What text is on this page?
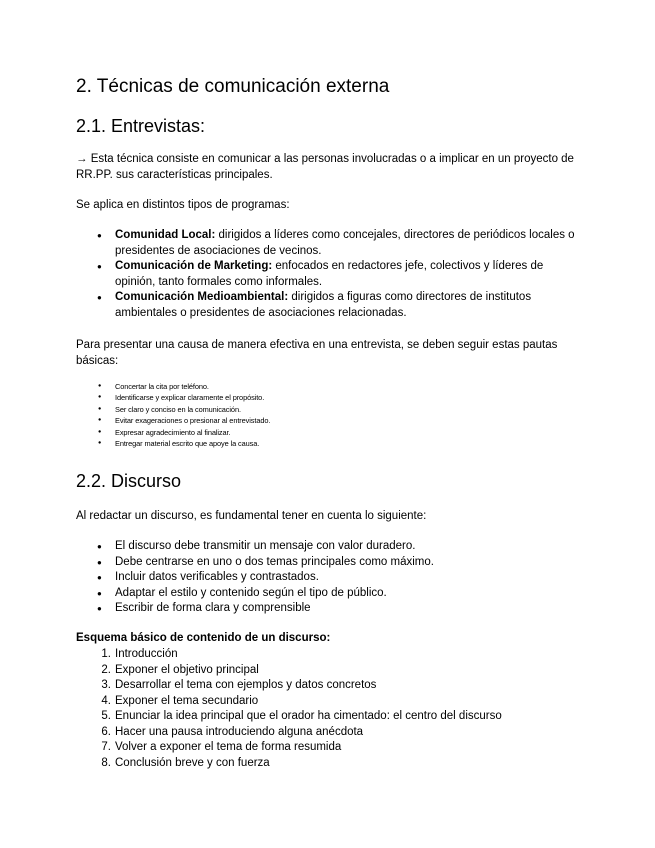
2. Técnicas de comunicación externa
2.1. Entrevistas:

→ Esta técnica consiste en comunicar a las personas involucradas o a implicar en un proyecto de RR.PP. sus características principales.

Se aplica en distintos tipos de programas:

● Comunidad Local: dirigidos a líderes como concejales, directores de periódicos locales o presidentes de asociaciones de vecinos.
● Comunicación de Marketing: enfocados en redactores jefe, colectivos y líderes de opinión, tanto formales como informales.
● Comunicación Medioambiental: dirigidos a figuras como directores de institutos ambientales o presidentes de asociaciones relacionadas.

Para presentar una causa de manera efectiva en una entrevista, se deben seguir estas pautas básicas:

● Concertar la cita por teléfono.
● Identificarse y explicar claramente el propósito.
● Ser claro y conciso en la comunicación.
● Evitar exageraciones o presionar al entrevistado.
● Expresar agradecimiento al finalizar.
● Entregar material escrito que apoye la causa.
2.2. Discurso

Al redactar un discurso, es fundamental tener en cuenta lo siguiente:

● El discurso debe transmitir un mensaje con valor duradero.
● Debe centrarse en uno o dos temas principales como máximo.
● Incluir datos verificables y contrastados.
● Adaptar el estilo y contenido según el tipo de público.
● Escribir de forma clara y comprensible

Esquema básico de contenido de un discurso:

1. Introducción
2. Exponer el objetivo principal
3. Desarrollar el tema con ejemplos y datos concretos
4. Exponer el tema secundario
5. Enunciar la idea principal que el orador ha cimentado: el centro del discurso
6. Hacer una pausa introduciendo alguna anécdota
7. Volver a exponer el tema de forma resumida
8. Conclusión breve y con fuerza
